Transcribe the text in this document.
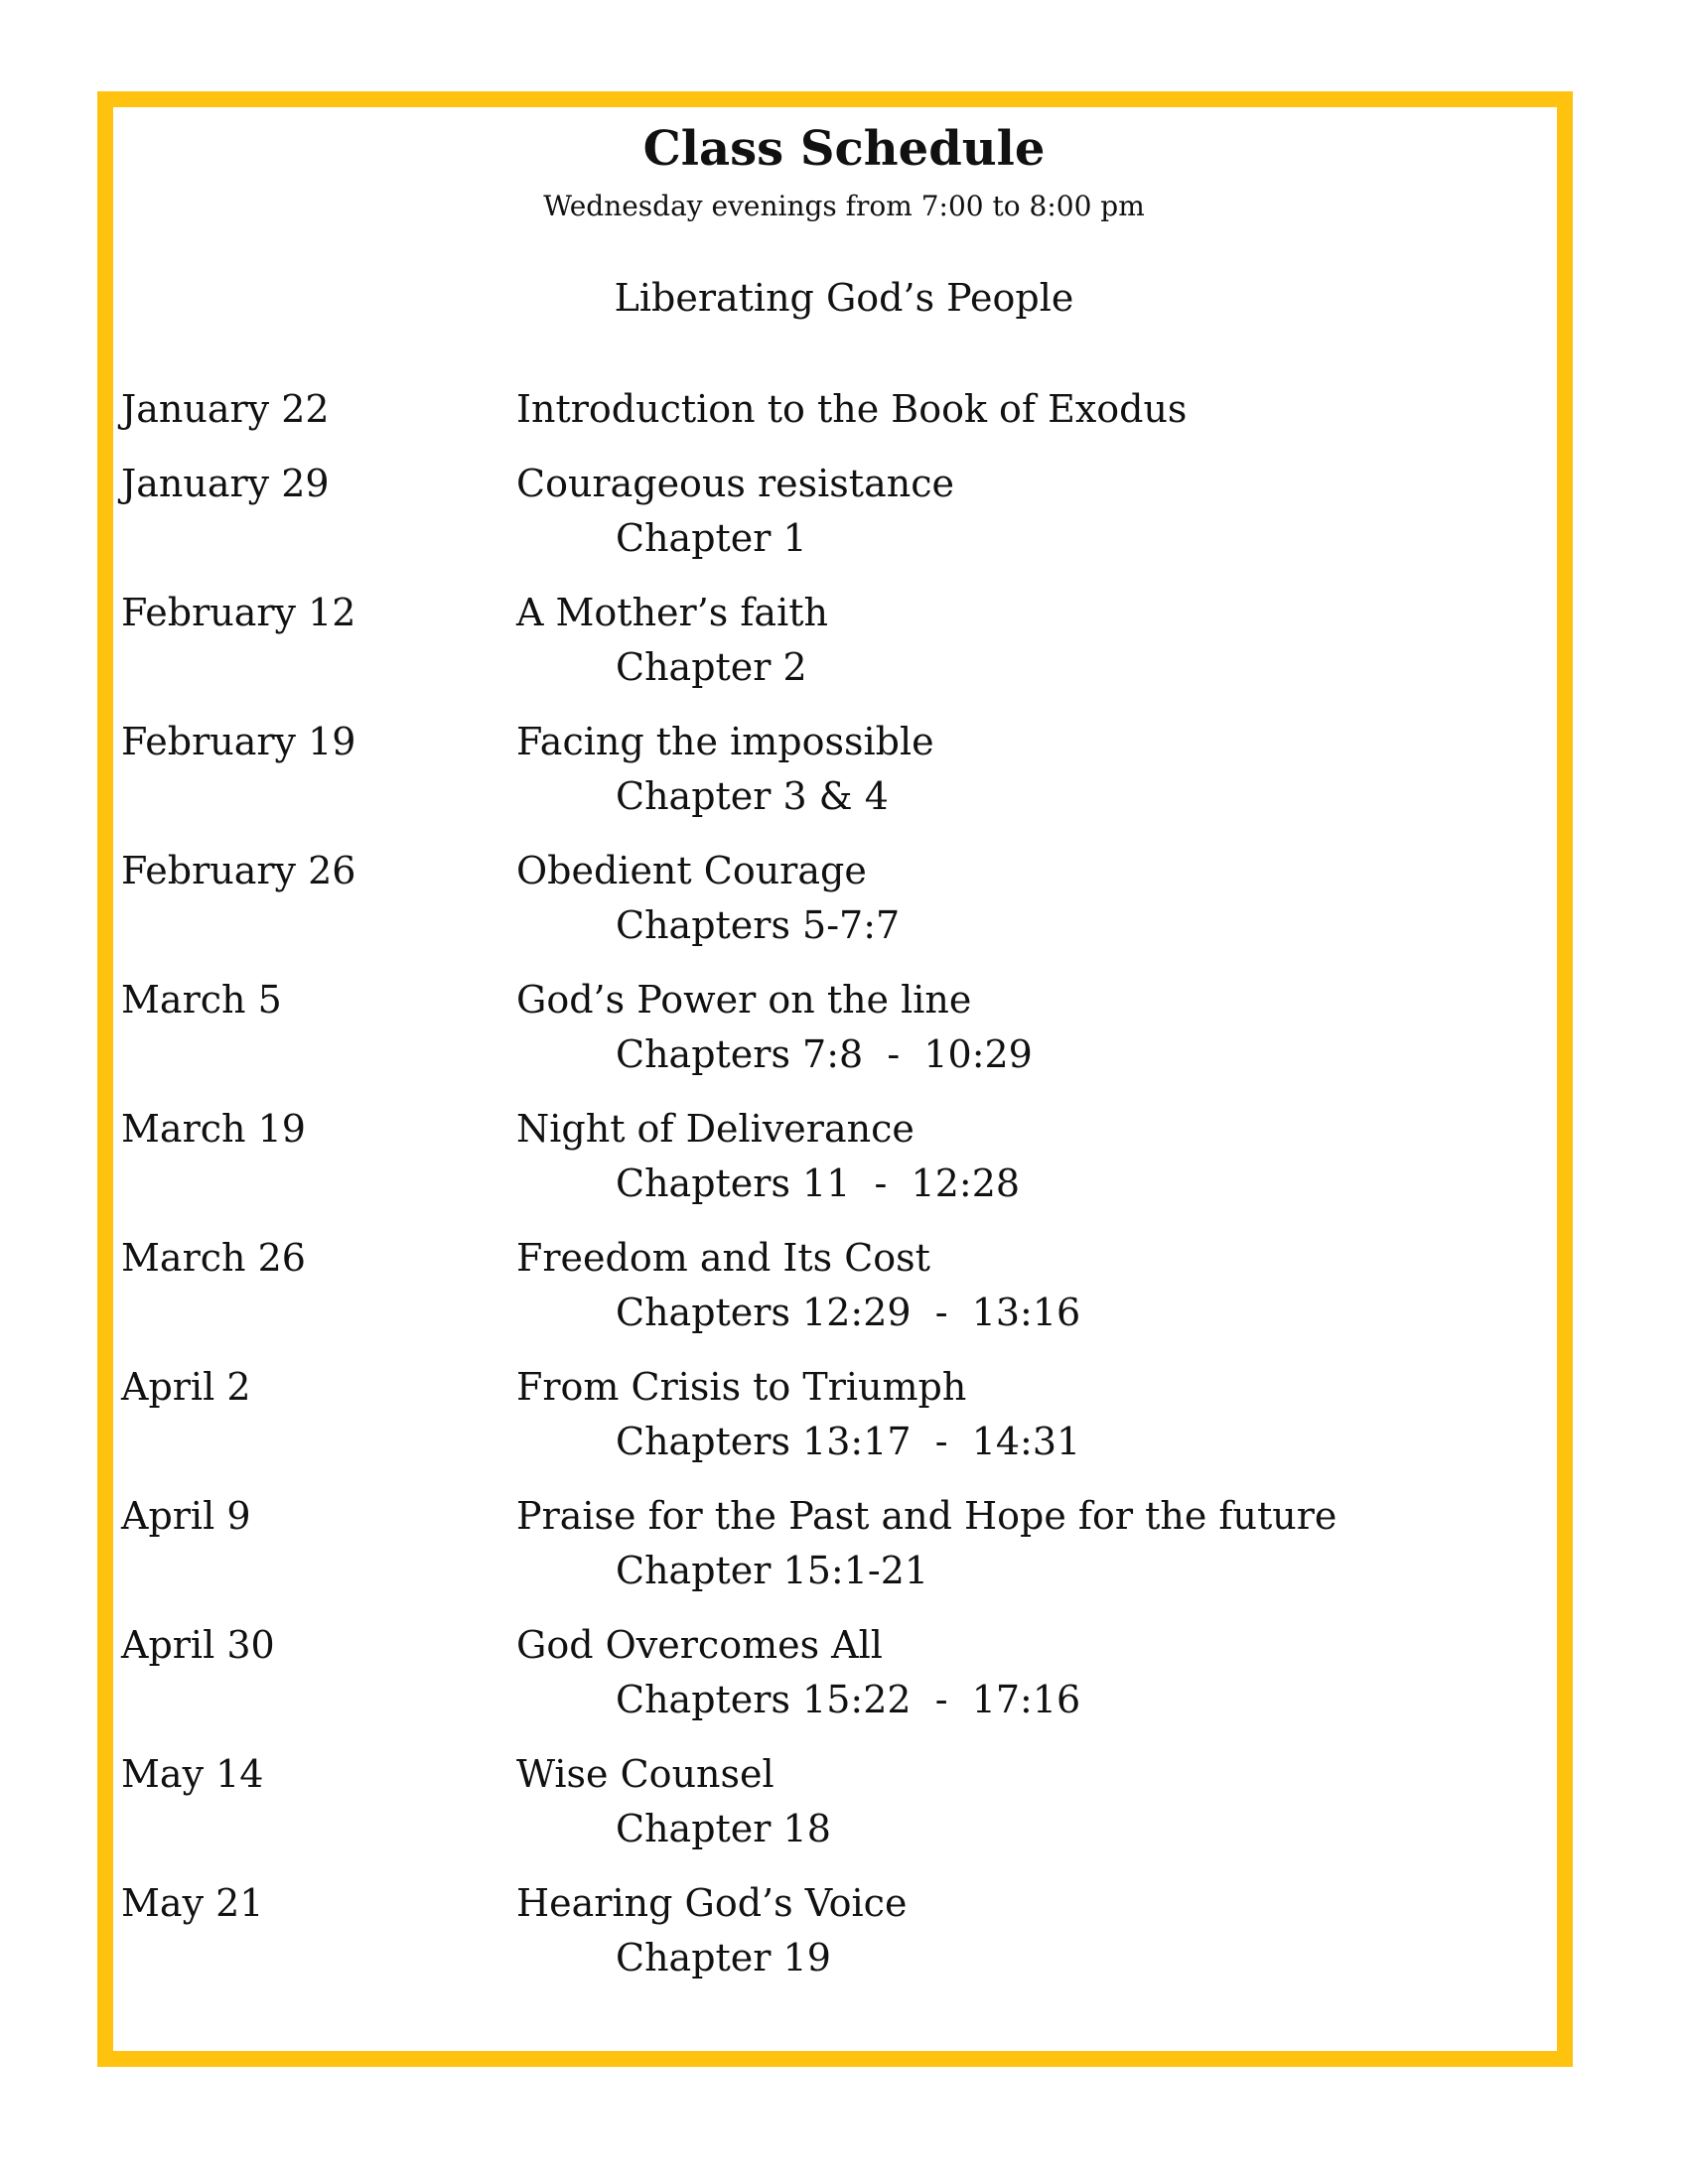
Class Schedule
Wednesday evenings from 7:00 to 8:00 pm
Liberating God’s People
January 22	Introduction to the Book of Exodus
January 29	Courageous resistance
Chapter 1
February 12	A Mother’s faith
Chapter 2
February 19	Facing the impossible
Chapter 3 & 4
February 26	Obedient Courage
Chapters 5-7:7
March 5	God’s Power on the line
Chapters 7:8  -  10:29
March 19	Night of Deliverance
Chapters 11  -  12:28
March 26	Freedom and Its Cost
Chapters 12:29  -  13:16
April 2	From Crisis to Triumph
Chapters 13:17  -  14:31
April 9	Praise for the Past and Hope for the future
Chapter 15:1-21
April 30	God Overcomes All
Chapters 15:22  -  17:16
May 14	Wise Counsel
Chapter 18
May 21	Hearing God’s Voice
Chapter 19
